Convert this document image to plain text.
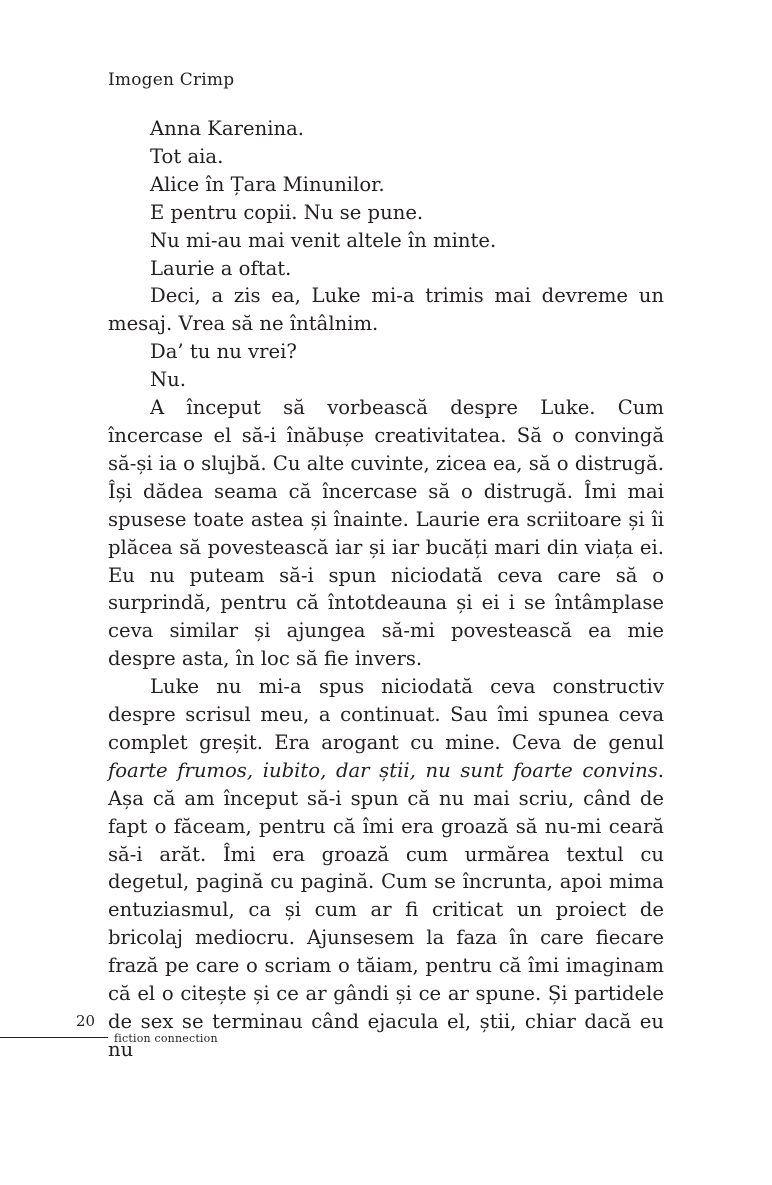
Imogen Crimp

Anna Karenina.

Tot aia.

Alice în Țara Minunilor.

E pentru copii. Nu se pune.

Nu mi-au mai venit altele în minte.

Laurie a oftat.

Deci, a zis ea, Luke mi-a trimis mai devreme un mesaj. Vrea să ne întâlnim.

Da’ tu nu vrei?

Nu.

A început să vorbească despre Luke. Cum încercase el să-i înăbușe creativitatea. Să o convingă să-și ia o slujbă. Cu alte cuvinte, zicea ea, să o distrugă. Își dădea seama că încercase să o distrugă. Îmi mai spusese toate astea și înainte. Laurie era scriitoare și îi plăcea să povestească iar și iar bucăți mari din viața ei. Eu nu puteam să-i spun niciodată ceva care să o surprindă, pentru că întotdeauna și ei i se întâmplase ceva similar și ajungea să-mi povestească ea mie despre asta, în loc să fie invers.

Luke nu mi-a spus niciodată ceva constructiv despre scrisul meu, a continuat. Sau îmi spunea ceva complet greșit. Era arogant cu mine. Ceva de genul foarte frumos, iubito, dar știi, nu sunt foarte convins. Așa că am început să-i spun că nu mai scriu, când de fapt o făceam, pentru că îmi era groază să nu-mi ceară să-i arăt. Îmi era groază cum urmărea textul cu degetul, pagină cu pagină. Cum se încrunta, apoi mima entuziasmul, ca și cum ar fi criticat un proiect de bricolaj mediocru. Ajunsesem la faza în care fiecare frază pe care o scriam o tăiam, pentru că îmi imaginam că el o citește și ce ar gândi și ce ar spune. Și partidele de sex se terminau când ejacula el, știi, chiar dacă eu nu

20
fiction connection
